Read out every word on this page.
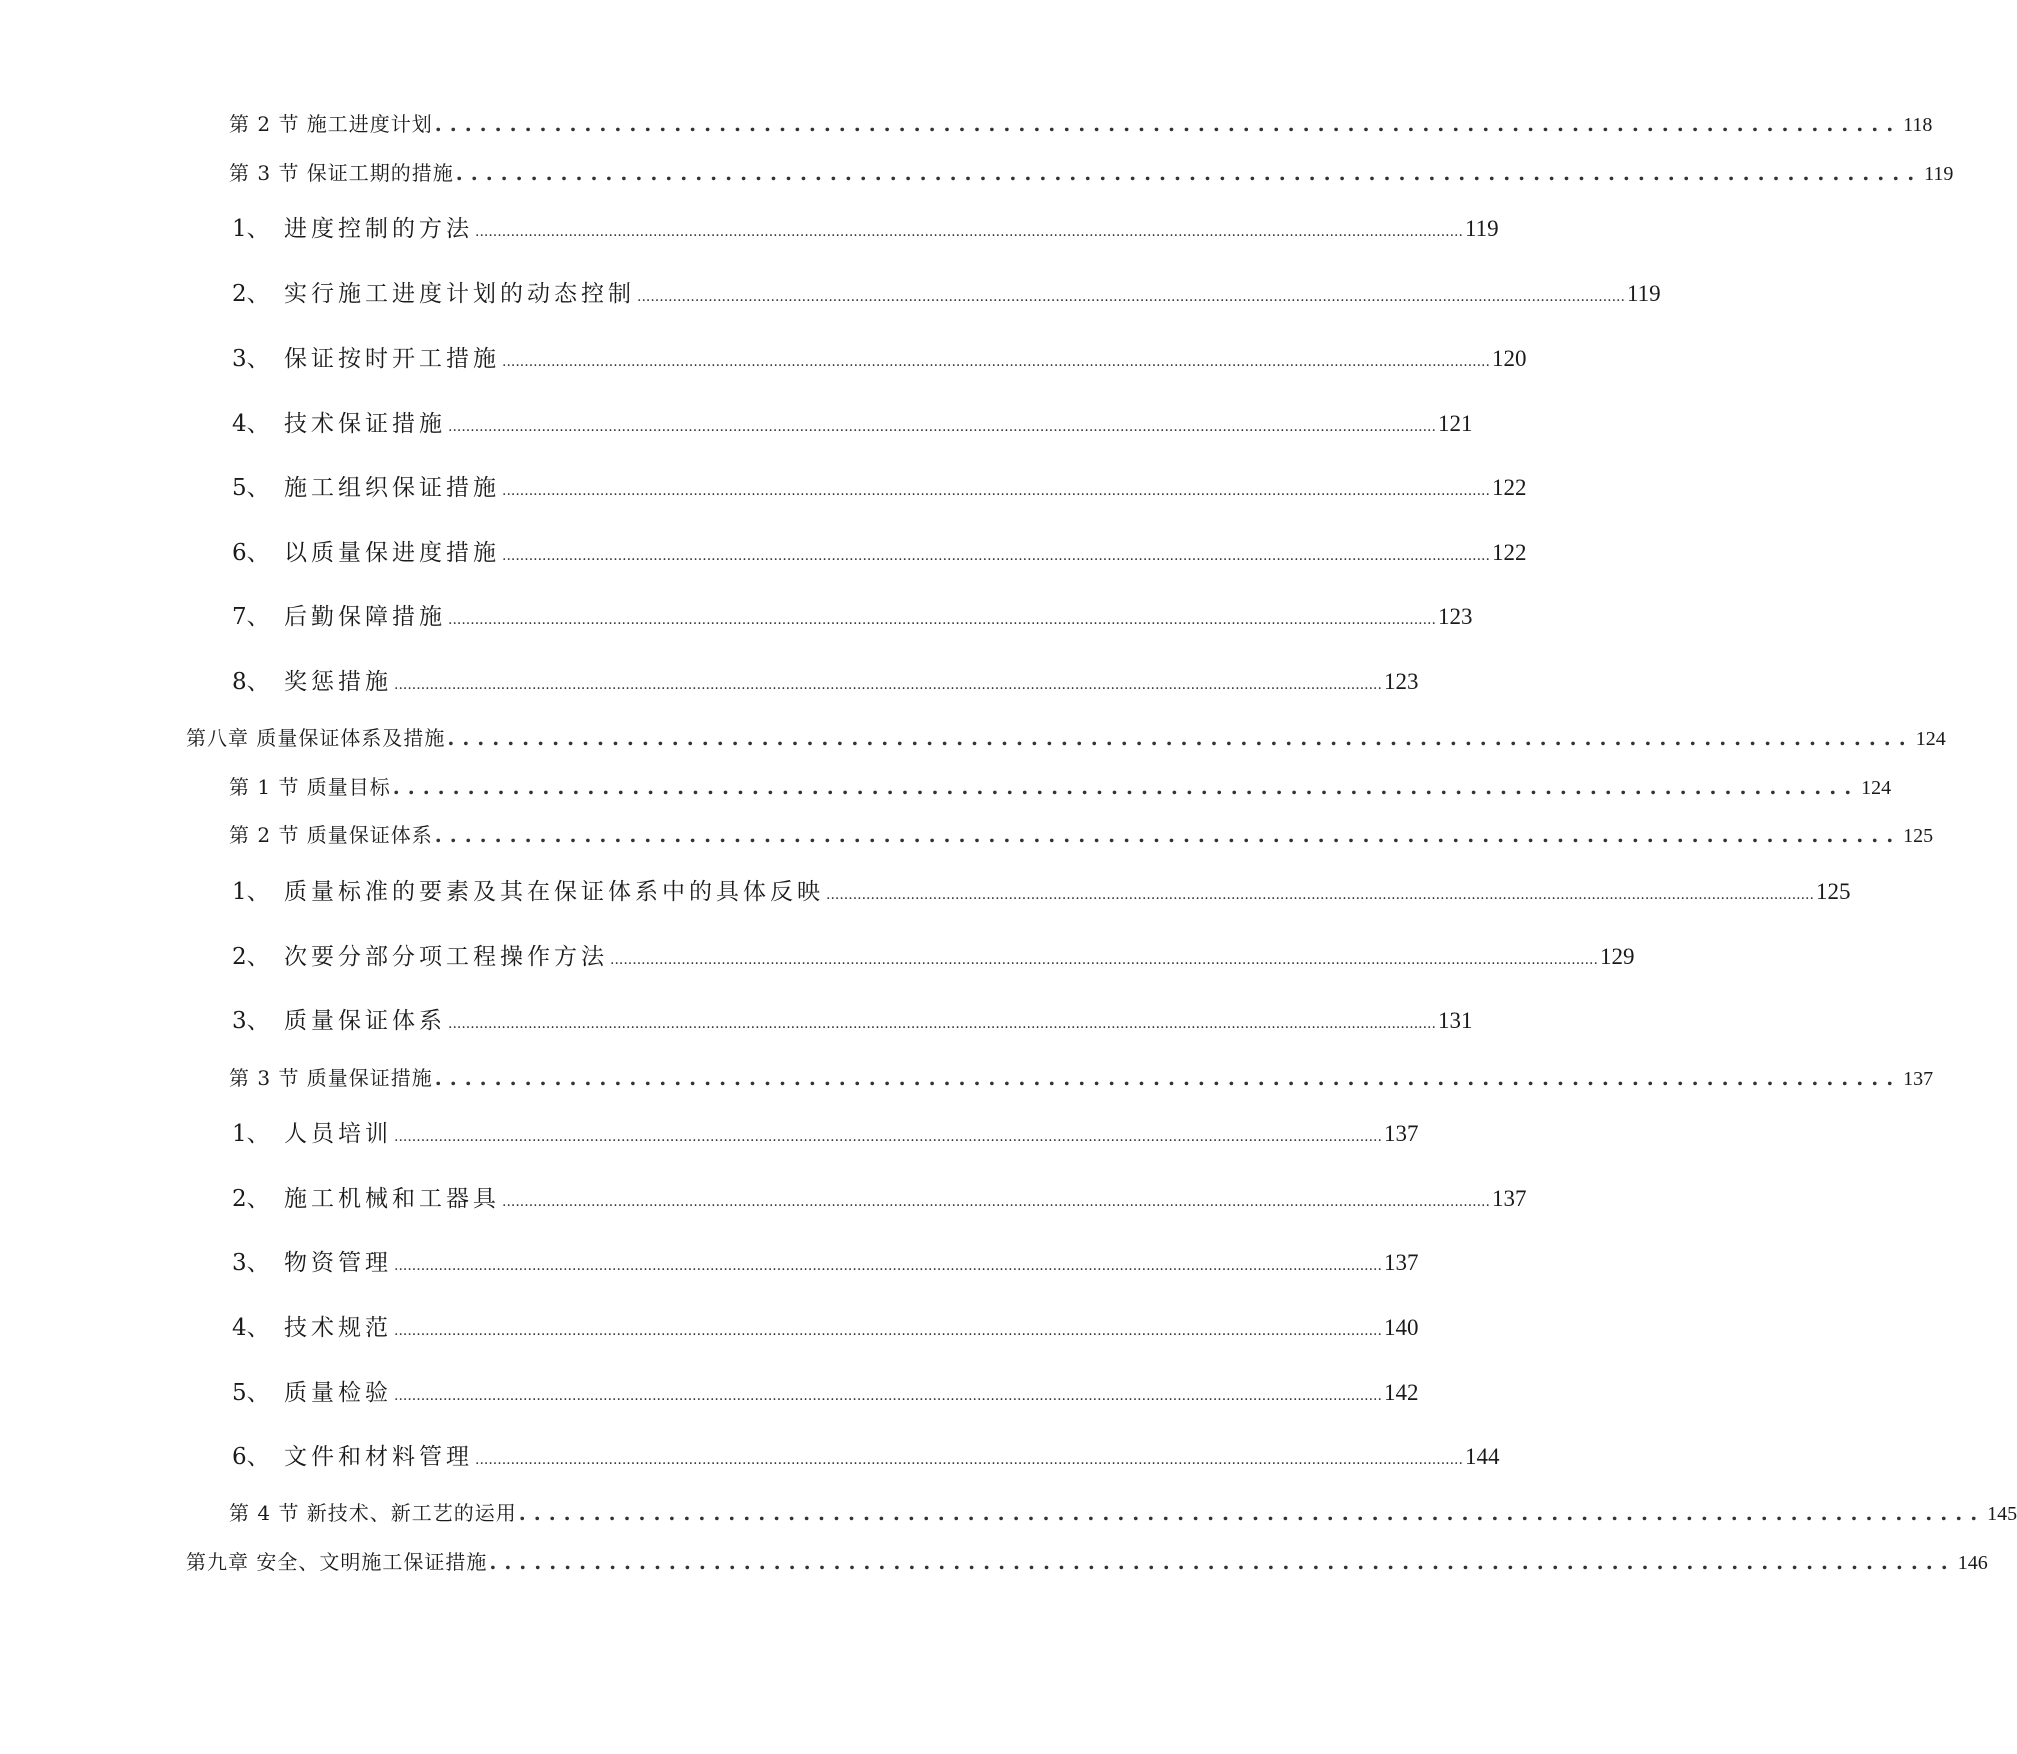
第 2 节 施工进度计划 .................................................................................................. 118
第 3 节 保证工期的措施 .................................................................................................. 119
1、 进度控制的方法 .............................................................................................................................................................................................................................. 119
2、 实行施工进度计划的动态控制 .............................................................................................................................................................................................................................. 119
3、 保证按时开工措施 .............................................................................................................................................................................................................................. 120
4、 技术保证措施 .............................................................................................................................................................................................................................. 121
5、 施工组织保证措施 .............................................................................................................................................................................................................................. 122
6、 以质量保进度措施 .............................................................................................................................................................................................................................. 122
7、 后勤保障措施 .............................................................................................................................................................................................................................. 123
8、 奖惩措施 .............................................................................................................................................................................................................................. 123
第八章 质量保证体系及措施 .................................................................................................. 124
第 1 节 质量目标 .................................................................................................. 124
第 2 节 质量保证体系 .................................................................................................. 125
1、 质量标准的要素及其在保证体系中的具体反映 .............................................................................................................................................................................................................................. 125
2、 次要分部分项工程操作方法 .............................................................................................................................................................................................................................. 129
3、 质量保证体系 .............................................................................................................................................................................................................................. 131
第 3 节 质量保证措施 .................................................................................................. 137
1、 人员培训 .............................................................................................................................................................................................................................. 137
2、 施工机械和工器具 .............................................................................................................................................................................................................................. 137
3、 物资管理 .............................................................................................................................................................................................................................. 137
4、 技术规范 .............................................................................................................................................................................................................................. 140
5、 质量检验 .............................................................................................................................................................................................................................. 142
6、 文件和材料管理 .............................................................................................................................................................................................................................. 144
第 4 节 新技术、新工艺的运用 .................................................................................................. 145
第九章 安全、文明施工保证措施 .................................................................................................. 146
